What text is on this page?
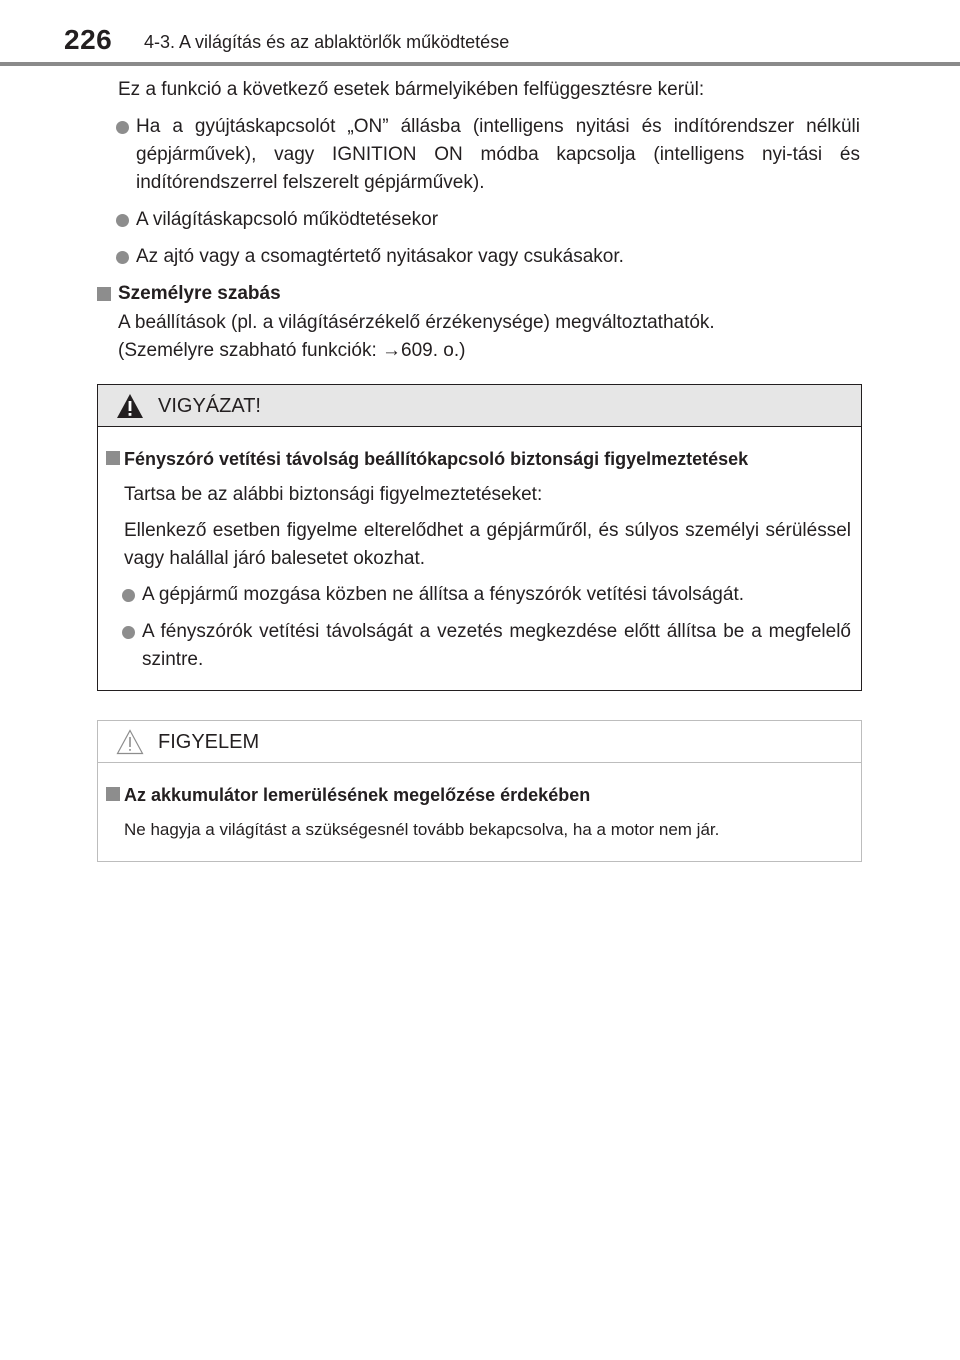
226 4-3. A világítás és az ablaktörlők működtetése

Ez a funkció a következő esetek bármelyikében felfüggesztésre kerül:

Ha a gyújtáskapcsolót „ON” állásba (intelligens nyitási és indítórendszer nélküli gépjárművek), vagy IGNITION ON módba kapcsolja (intelligens nyi-tási és indítórendszerrel felszerelt gépjárművek).
A világításkapcsoló működtetésekor
Az ajtó vagy a csomagtértető nyitásakor vagy csukásakor.
Személyre szabás

A beállítások (pl. a világításérzékelő érzékenysége) megváltoztathatók.

(Személyre szabható funkciók: →609. o.)

VIGYÁZAT!
Fényszóró vetítési távolság beállítókapcsoló biztonsági figyelmeztetések

Tartsa be az alábbi biztonsági figyelmeztetéseket:

Ellenkező esetben figyelme elterelődhet a gépjárműről, és súlyos személyi sérüléssel vagy halállal járó balesetet okozhat.

A gépjármű mozgása közben ne állítsa a fényszórók vetítési távolságát.
A fényszórók vetítési távolságát a vezetés megkezdése előtt állítsa be a megfelelő szintre.
FIGYELEM
Az akkumulátor lemerülésének megelőzése érdekében

Ne hagyja a világítást a szükségesnél tovább bekapcsolva, ha a motor nem jár.
